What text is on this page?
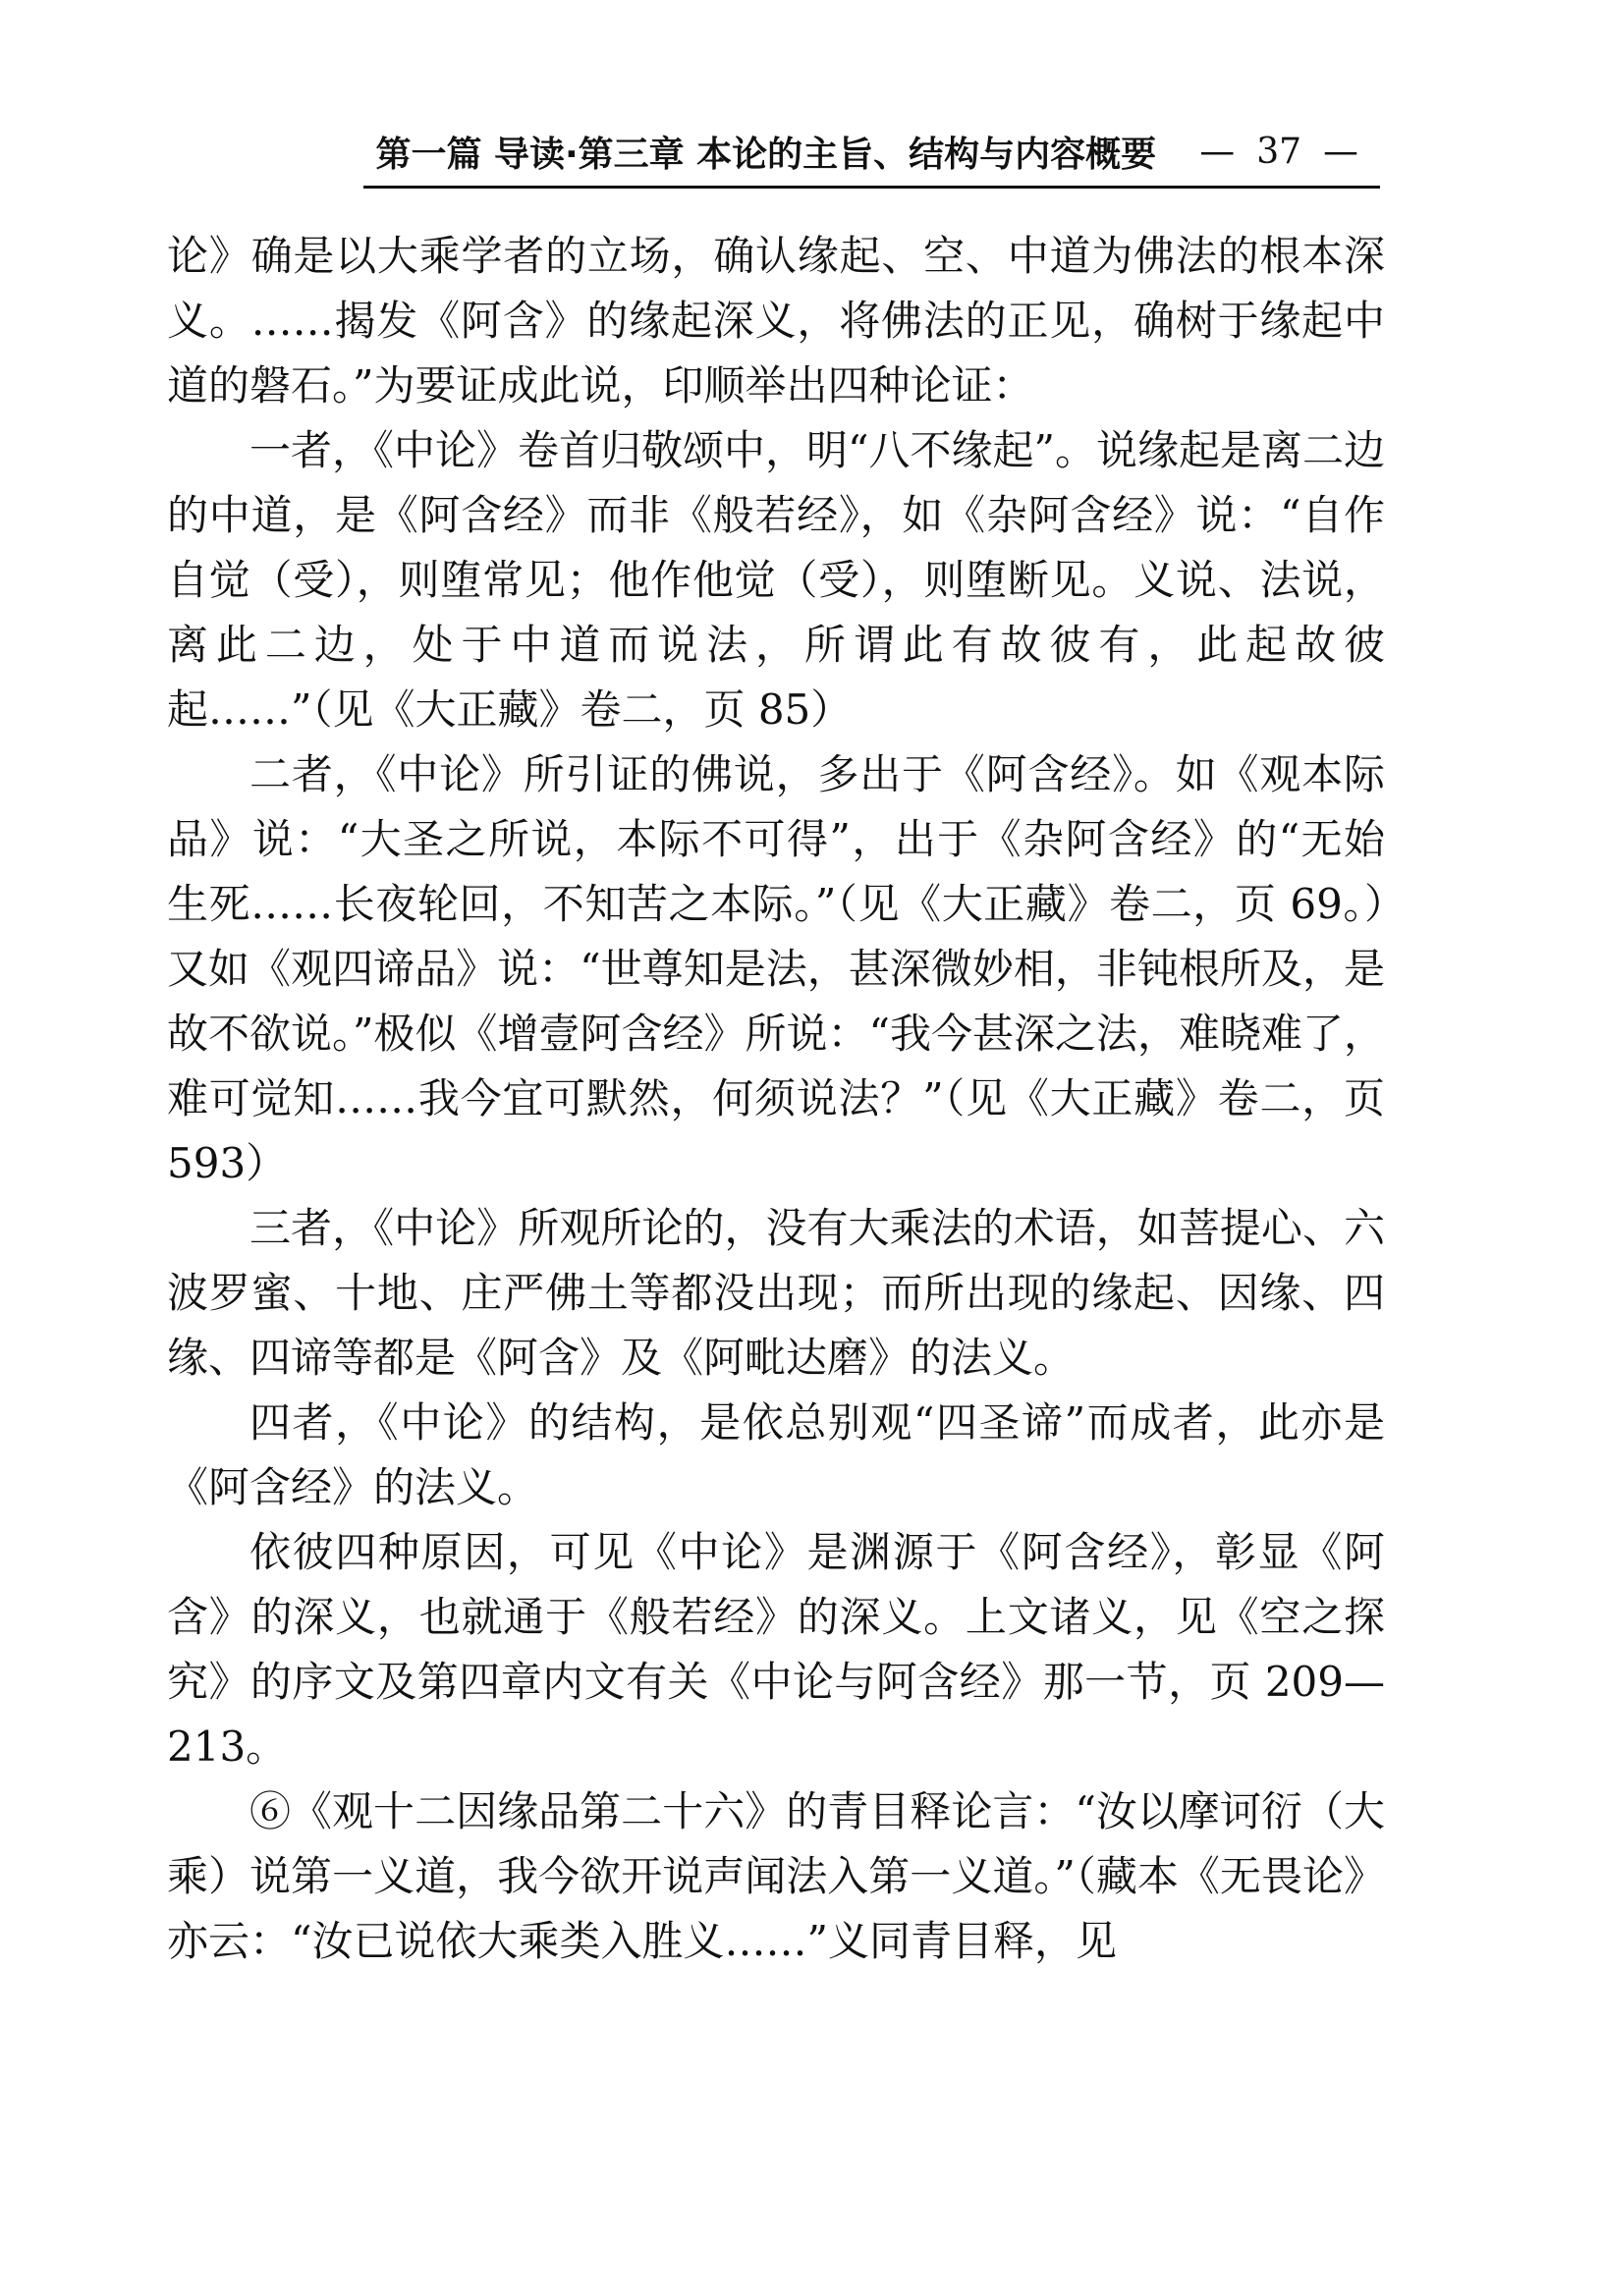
第一篇 导读·第三章 本论的主旨、结构与内容概要 — 37 —

论》确是以大乘学者的立场，确认缘起、空、中道为佛法的根本深义。……揭发《阿含》的缘起深义，将佛法的正见，确树于缘起中道的磐石。”为要证成此说，印顺举出四种论证：

一者，《中论》卷首归敬颂中，明“八不缘起”。说缘起是离二边的中道，是《阿含经》而非《般若经》，如《杂阿含经》说：“自作自觉（受），则堕常见；他作他觉（受），则堕断见。义说、法说，离此二边，处于中道而说法，所谓此有故彼有，此起故彼起……”（见《大正藏》卷二，页 85）

二者，《中论》所引证的佛说，多出于《阿含经》。如《观本际品》说：“大圣之所说，本际不可得”，出于《杂阿含经》的“无始生死……长夜轮回，不知苦之本际。”（见《大正藏》卷二，页 69。）又如《观四谛品》说：“世尊知是法，甚深微妙相，非钝根所及，是故不欲说。”极似《增壹阿含经》所说：“我今甚深之法，难晓难了，难可觉知……我今宜可默然，何须说法？”（见《大正藏》卷二，页 593）

三者，《中论》所观所论的，没有大乘法的术语，如菩提心、六波罗蜜、十地、庄严佛土等都没出现；而所出现的缘起、因缘、四缘、四谛等都是《阿含》及《阿毗达磨》的法义。

四者，《中论》的结构，是依总别观“四圣谛”而成者，此亦是《阿含经》的法义。

依彼四种原因，可见《中论》是渊源于《阿含经》，彰显《阿含》的深义，也就通于《般若经》的深义。上文诸义，见《空之探究》的序文及第四章内文有关《中论与阿含经》那一节，页 209—213。

⑥《观十二因缘品第二十六》的青目释论言：“汝以摩诃衍（大乘）说第一义道，我今欲开说声闻法入第一义道。”（藏本《无畏论》亦云：“汝已说依大乘类入胜义……”义同青目释，见
